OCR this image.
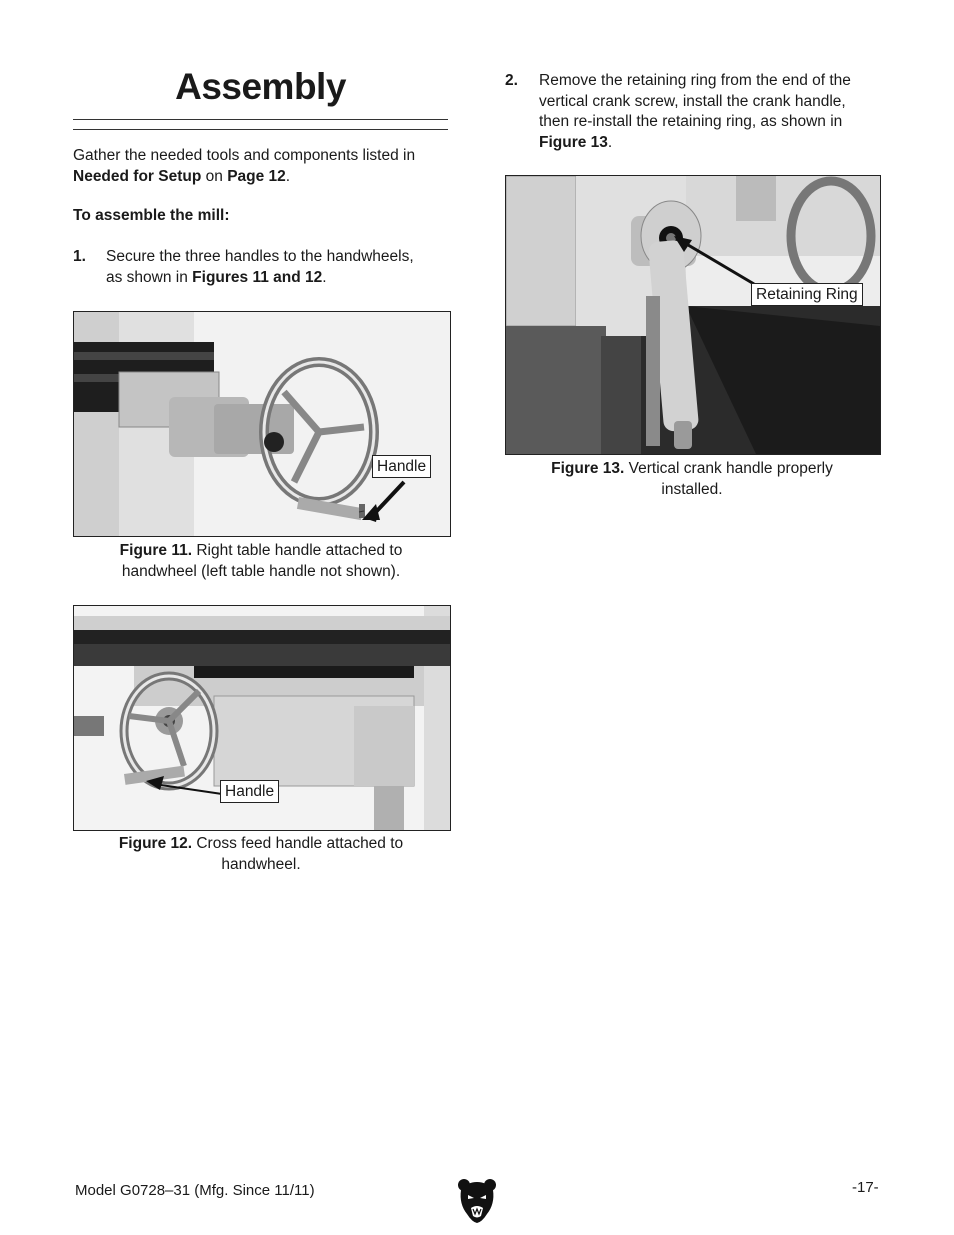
Assembly
Gather the needed tools and components listed in
Needed for Setup on Page 12.
To assemble the mill:
1. Secure the three handles to the handwheels,
as shown in Figures 11 and 12.
Handle
Figure 11. Right table handle attached to
handwheel (left table handle not shown).
Handle
Figure 12. Cross feed handle attached to
handwheel.
2. Remove the retaining ring from the end of the
vertical crank screw, install the crank handle,
then re-install the retaining ring, as shown in
Figure 13.
Retaining Ring
Figure 13. Vertical crank handle properly
installed.
Model G0728–31 (Mfg. Since 11/11)	-17-
